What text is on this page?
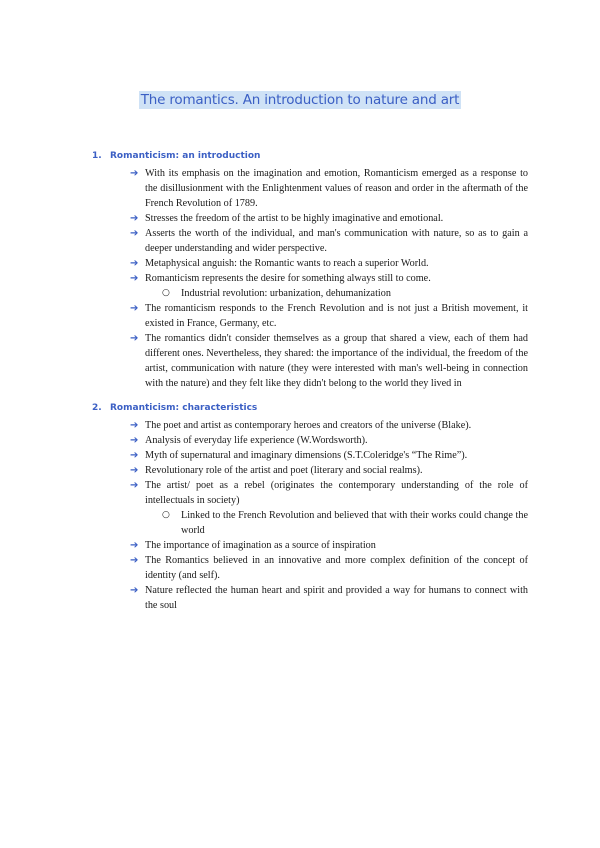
The romantics. An introduction to nature and art
1. Romanticism: an introduction
➔ With its emphasis on the imagination and emotion, Romanticism emerged as a response to the disillusionment with the Enlightenment values of reason and order in the aftermath of the French Revolution of 1789.
➔ Stresses the freedom of the artist to be highly imaginative and emotional.
➔ Asserts the worth of the individual, and man's communication with nature, so as to gain a deeper understanding and wider perspective.
➔ Metaphysical anguish: the Romantic wants to reach a superior World.
➔ Romanticism represents the desire for something always still to come.
○ Industrial revolution: urbanization, dehumanization
➔ The romanticism responds to the French Revolution and is not just a British movement, it existed in France, Germany, etc.
➔ The romantics didn't consider themselves as a group that shared a view, each of them had different ones. Nevertheless, they shared: the importance of the individual, the freedom of the artist, communication with nature (they were interested with man's well-being in connection with the nature) and they felt like they didn't belong to the world they lived in
2. Romanticism: characteristics
➔ The poet and artist as contemporary heroes and creators of the universe (Blake).
➔ Analysis of everyday life experience (W.Wordsworth).
➔ Myth of supernatural and imaginary dimensions (S.T.Coleridge's “The Rime”).
➔ Revolutionary role of the artist and poet (literary and social realms).
➔ The artist/ poet as a rebel (originates the contemporary understanding of the role of intellectuals in society)
○ Linked to the French Revolution and believed that with their works could change the world
➔ The importance of imagination as a source of inspiration
➔ The Romantics believed in an innovative and more complex definition of the concept of identity (and self).
➔ Nature reflected the human heart and spirit and provided a way for humans to connect with the soul
